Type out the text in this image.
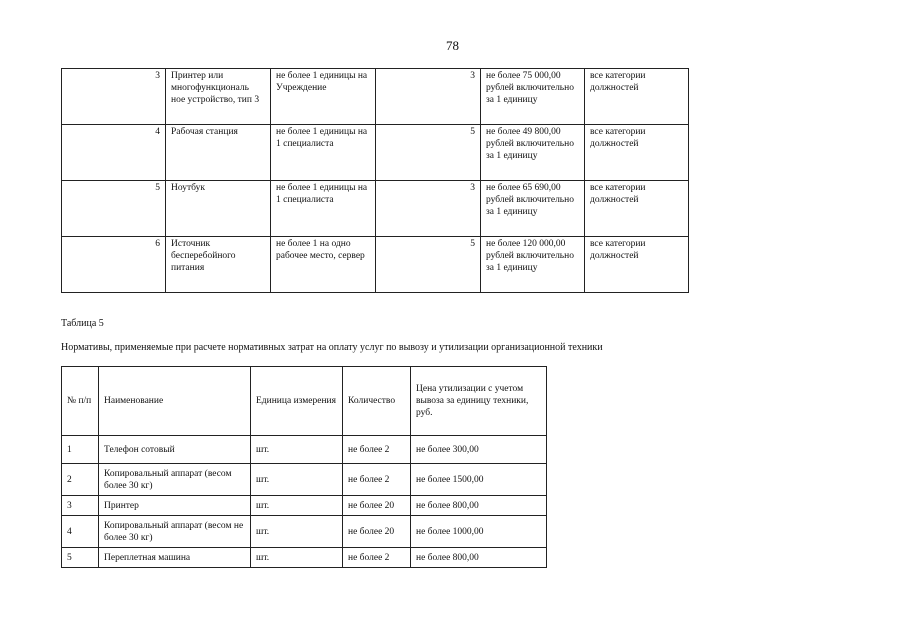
78
3	Принтер или многофункциональ ное устройство, тип 3	не более 1 единицы на Учреждение	3	не более 75 000,00 рублей включительно за 1 единицу	все категории должностей
4	Рабочая станция	не более 1 единицы на 1 специалиста	5	не более 49 800,00 рублей включительно за 1 единицу	все категории должностей
5	Ноутбук	не более 1 единицы на 1 специалиста	3	не более 65 690,00 рублей включительно за 1 единицу	все категории должностей
6	Источник бесперебойного питания	не более 1 на одно рабочее место, сервер	5	не более 120 000,00 рублей включительно за 1 единицу	все категории должностей
Таблица 5
Нормативы, применяемые при расчете нормативных затрат на оплату услуг по вывозу и утилизации организационной техники
№ п/п	Наименование	Единица измерения	Количество	Цена утилизации с учетом вывоза за единицу техники, руб.
1	Телефон сотовый	шт.	не более 2	не более 300,00
2	Копировальный аппарат (весом более 30 кг)	шт.	не более 2	не более 1500,00
3	Принтер	шт.	не более 20	не более 800,00
4	Копировальный аппарат (весом не более 30 кг)	шт.	не более 20	не более 1000,00
5	Переплетная машина	шт.	не более 2	не более 800,00
